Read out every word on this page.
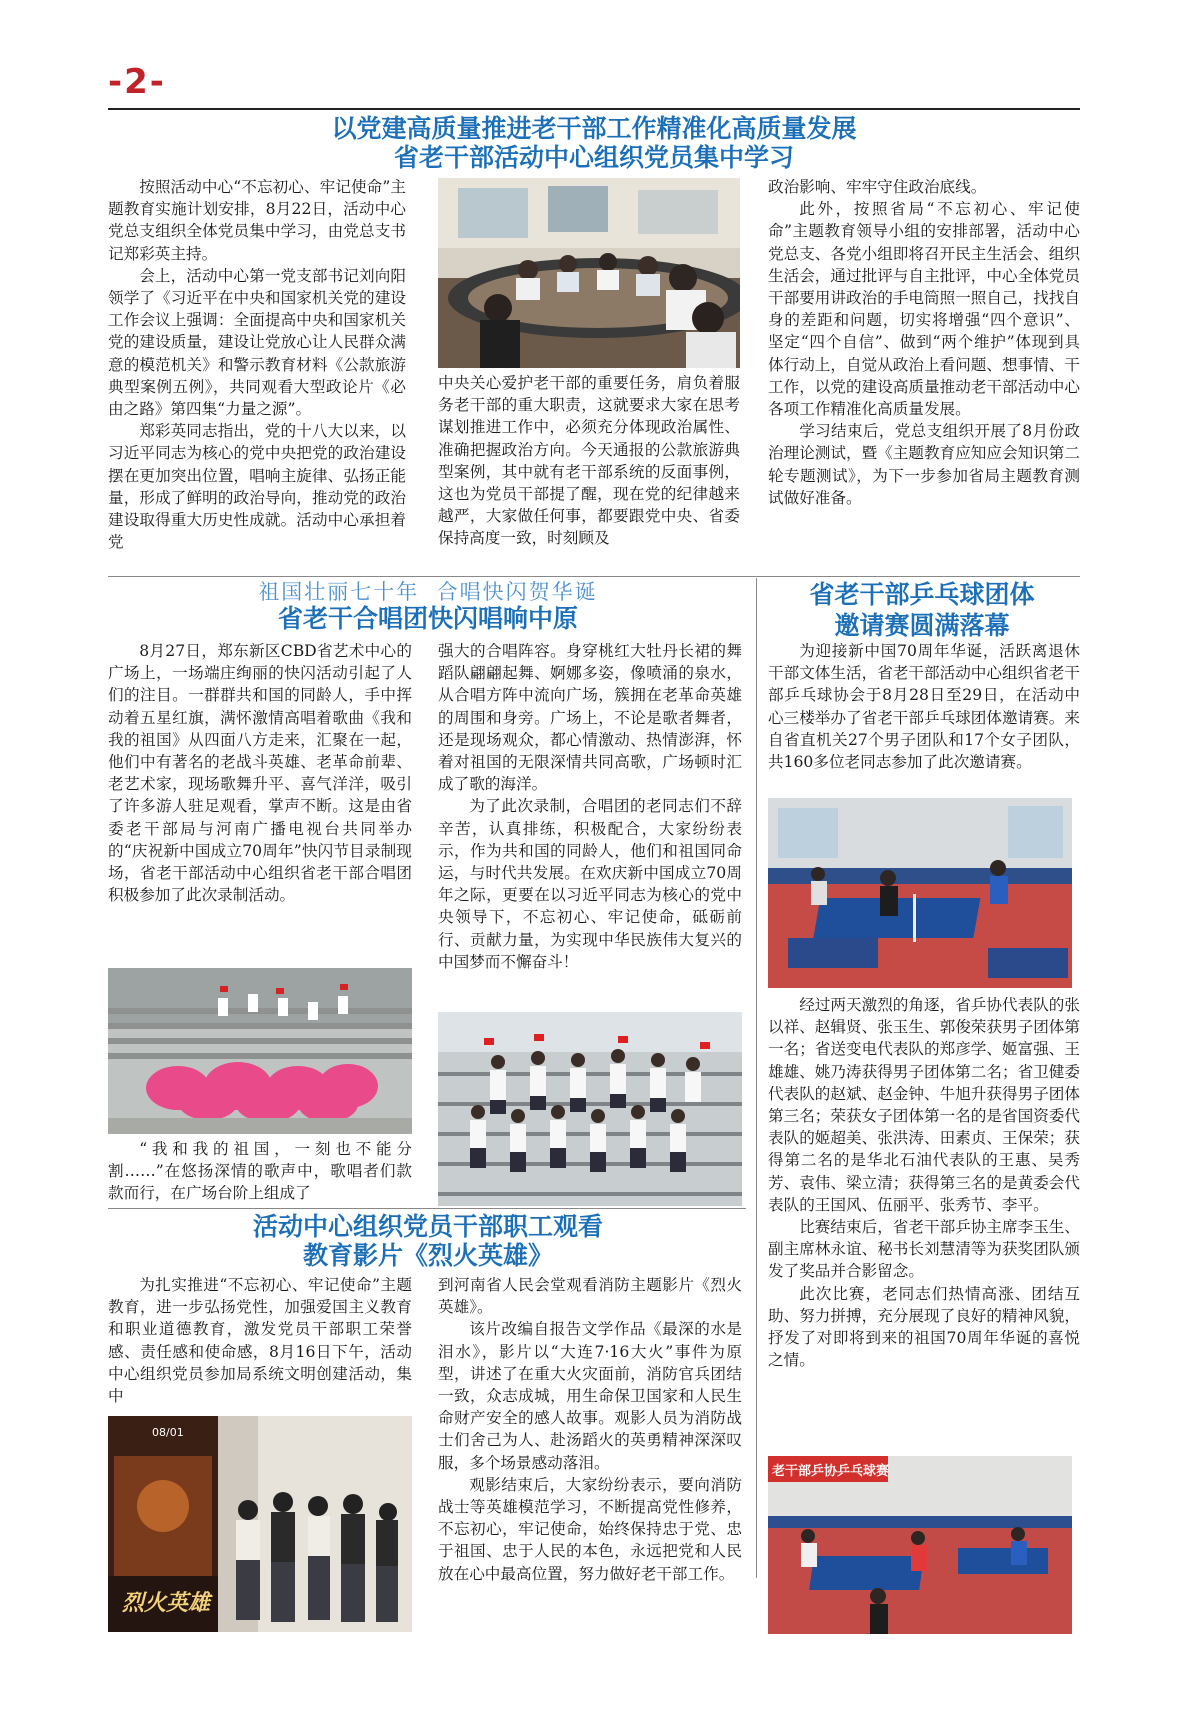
-2-
以党建高质量推进老干部工作精准化高质量发展
省老干部活动中心组织党员集中学习

按照活动中心“不忘初心、牢记使命”主题教育实施计划安排，8月22日，活动中心党总支组织全体党员集中学习，由党总支书记郑彩英主持。

会上，活动中心第一党支部书记刘向阳领学了《习近平在中央和国家机关党的建设工作会议上强调：全面提高中央和国家机关党的建设质量，建设让党放心让人民群众满意的模范机关》和警示教育材料《公款旅游典型案例五例》，共同观看大型政论片《必由之路》第四集“力量之源”。

郑彩英同志指出，党的十八大以来，以习近平同志为核心的党中央把党的政治建设摆在更加突出位置，唱响主旋律、弘扬正能量，形成了鲜明的政治导向，推动党的政治建设取得重大历史性成就。活动中心承担着党

中央关心爱护老干部的重要任务，肩负着服务老干部的重大职责，这就要求大家在思考谋划推进工作中，必须充分体现政治属性、准确把握政治方向。今天通报的公款旅游典型案例，其中就有老干部系统的反面事例，这也为党员干部提了醒，现在党的纪律越来越严，大家做任何事，都要跟党中央、省委保持高度一致，时刻顾及

政治影响、牢牢守住政治底线。

此外，按照省局“不忘初心、牢记使命”主题教育领导小组的安排部署，活动中心党总支、各党小组即将召开民主生活会、组织生活会，通过批评与自主批评，中心全体党员干部要用讲政治的手电筒照一照自己，找找自身的差距和问题，切实将增强“四个意识”、坚定“四个自信”、做到“两个维护”体现到具体行动上，自觉从政治上看问题、想事情、干工作，以党的建设高质量推动老干部活动中心各项工作精准化高质量发展。

学习结束后，党总支组织开展了8月份政治理论测试，暨《主题教育应知应会知识第二轮专题测试》，为下一步参加省局主题教育测试做好准备。

祖国壮丽七十年  合唱快闪贺华诞
省老干合唱团快闪唱响中原

8月27日，郑东新区CBD省艺术中心的广场上，一场端庄绚丽的快闪活动引起了人们的注目。一群群共和国的同龄人，手中挥动着五星红旗，满怀激情高唱着歌曲《我和我的祖国》从四面八方走来，汇聚在一起，他们中有著名的老战斗英雄、老革命前辈、老艺术家，现场歌舞升平、喜气洋洋，吸引了许多游人驻足观看，掌声不断。这是由省委老干部局与河南广播电视台共同举办的“庆祝新中国成立70周年”快闪节目录制现场，省老干部活动中心组织省老干部合唱团积极参加了此次录制活动。

“我和我的祖国，一刻也不能分割……”在悠扬深情的歌声中，歌唱者们款款而行，在广场台阶上组成了

强大的合唱阵容。身穿桃红大牡丹长裙的舞蹈队翩翩起舞、婀娜多姿，像喷涌的泉水，从合唱方阵中流向广场，簇拥在老革命英雄的周围和身旁。广场上，不论是歌者舞者，还是现场观众，都心情激动、热情澎湃，怀着对祖国的无限深情共同高歌，广场顿时汇成了歌的海洋。

为了此次录制，合唱团的老同志们不辞辛苦，认真排练，积极配合，大家纷纷表示，作为共和国的同龄人，他们和祖国同命运，与时代共发展。在欢庆新中国成立70周年之际，更要在以习近平同志为核心的党中央领导下，不忘初心、牢记使命，砥砺前行、贡献力量，为实现中华民族伟大复兴的中国梦而不懈奋斗！

省老干部乒乓球团体
邀请赛圆满落幕

为迎接新中国70周年华诞，活跃离退休干部文体生活，省老干部活动中心组织省老干部乒乓球协会于8月28日至29日，在活动中心三楼举办了省老干部乒乓球团体邀请赛。来自省直机关27个男子团队和17个女子团队，共160多位老同志参加了此次邀请赛。

经过两天激烈的角逐，省乒协代表队的张以祥、赵辑贤、张玉生、郭俊荣获男子团体第一名；省送变电代表队的郑彦学、姬富强、王雄雄、姚乃涛获得男子团体第二名；省卫健委代表队的赵斌、赵金钟、牛旭升获得男子团体第三名；荣获女子团体第一名的是省国资委代表队的姬超美、张洪涛、田素贞、王保荣；获得第二名的是华北石油代表队的王惠、吴秀芳、袁伟、梁立清；获得第三名的是黄委会代表队的王国风、伍丽平、张秀节、李平。

比赛结束后，省老干部乒协主席李玉生、副主席林永谊、秘书长刘慧清等为获奖团队颁发了奖品并合影留念。

此次比赛，老同志们热情高涨、团结互助、努力拼搏，充分展现了良好的精神风貌，抒发了对即将到来的祖国70周年华诞的喜悦之情。

老干部乒协乒乓球赛
活动中心组织党员干部职工观看
教育影片《烈火英雄》

为扎实推进“不忘初心、牢记使命”主题教育，进一步弘扬党性，加强爱国主义教育和职业道德教育，激发党员干部职工荣誉感、责任感和使命感，8月16日下午，活动中心组织党员参加局系统文明创建活动，集中

08/01
烈火英雄

到河南省人民会堂观看消防主题影片《烈火英雄》。

该片改编自报告文学作品《最深的水是泪水》，影片以“大连7·16大火”事件为原型，讲述了在重大火灾面前，消防官兵团结一致，众志成城，用生命保卫国家和人民生命财产安全的感人故事。观影人员为消防战士们舍己为人、赴汤蹈火的英勇精神深深叹服，多个场景感动落泪。

观影结束后，大家纷纷表示，要向消防战士等英雄模范学习，不断提高党性修养，不忘初心，牢记使命，始终保持忠于党、忠于祖国、忠于人民的本色，永远把党和人民放在心中最高位置，努力做好老干部工作。
